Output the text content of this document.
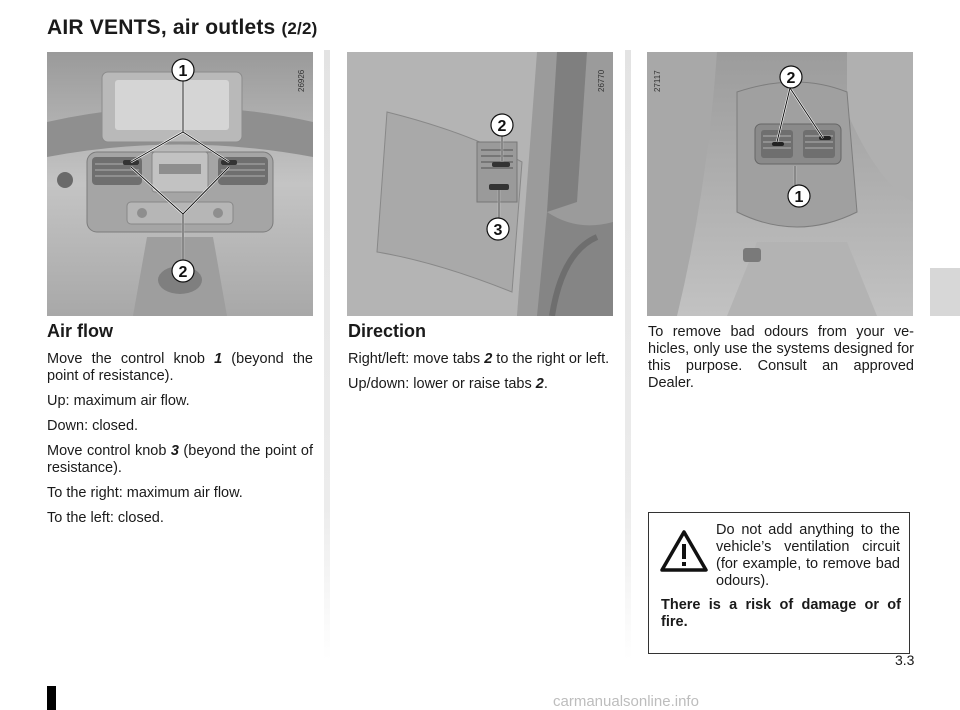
AIR VENTS, air outlets (2/2)
1
2
26926
2
3
26770	2
1
27117
Air flow

Move the control knob 1 (beyond the point of resistance).

Up: maximum air flow.

Down: closed.

Move control knob 3 (beyond the point of resistance).

To the right: maximum air flow.

To the left: closed.

Direction

Right/left: move tabs 2 to the right or left.

Up/down: lower or raise tabs 2.

To remove bad odours from your ve-hicles, only use the systems designed for this purpose. Consult an approved Dealer.

Do not add anything to the vehicle’s ventilation circuit (for example, to remove bad odours).
There is a risk of damage or of fire.
3.3
carmanualsonline.info
